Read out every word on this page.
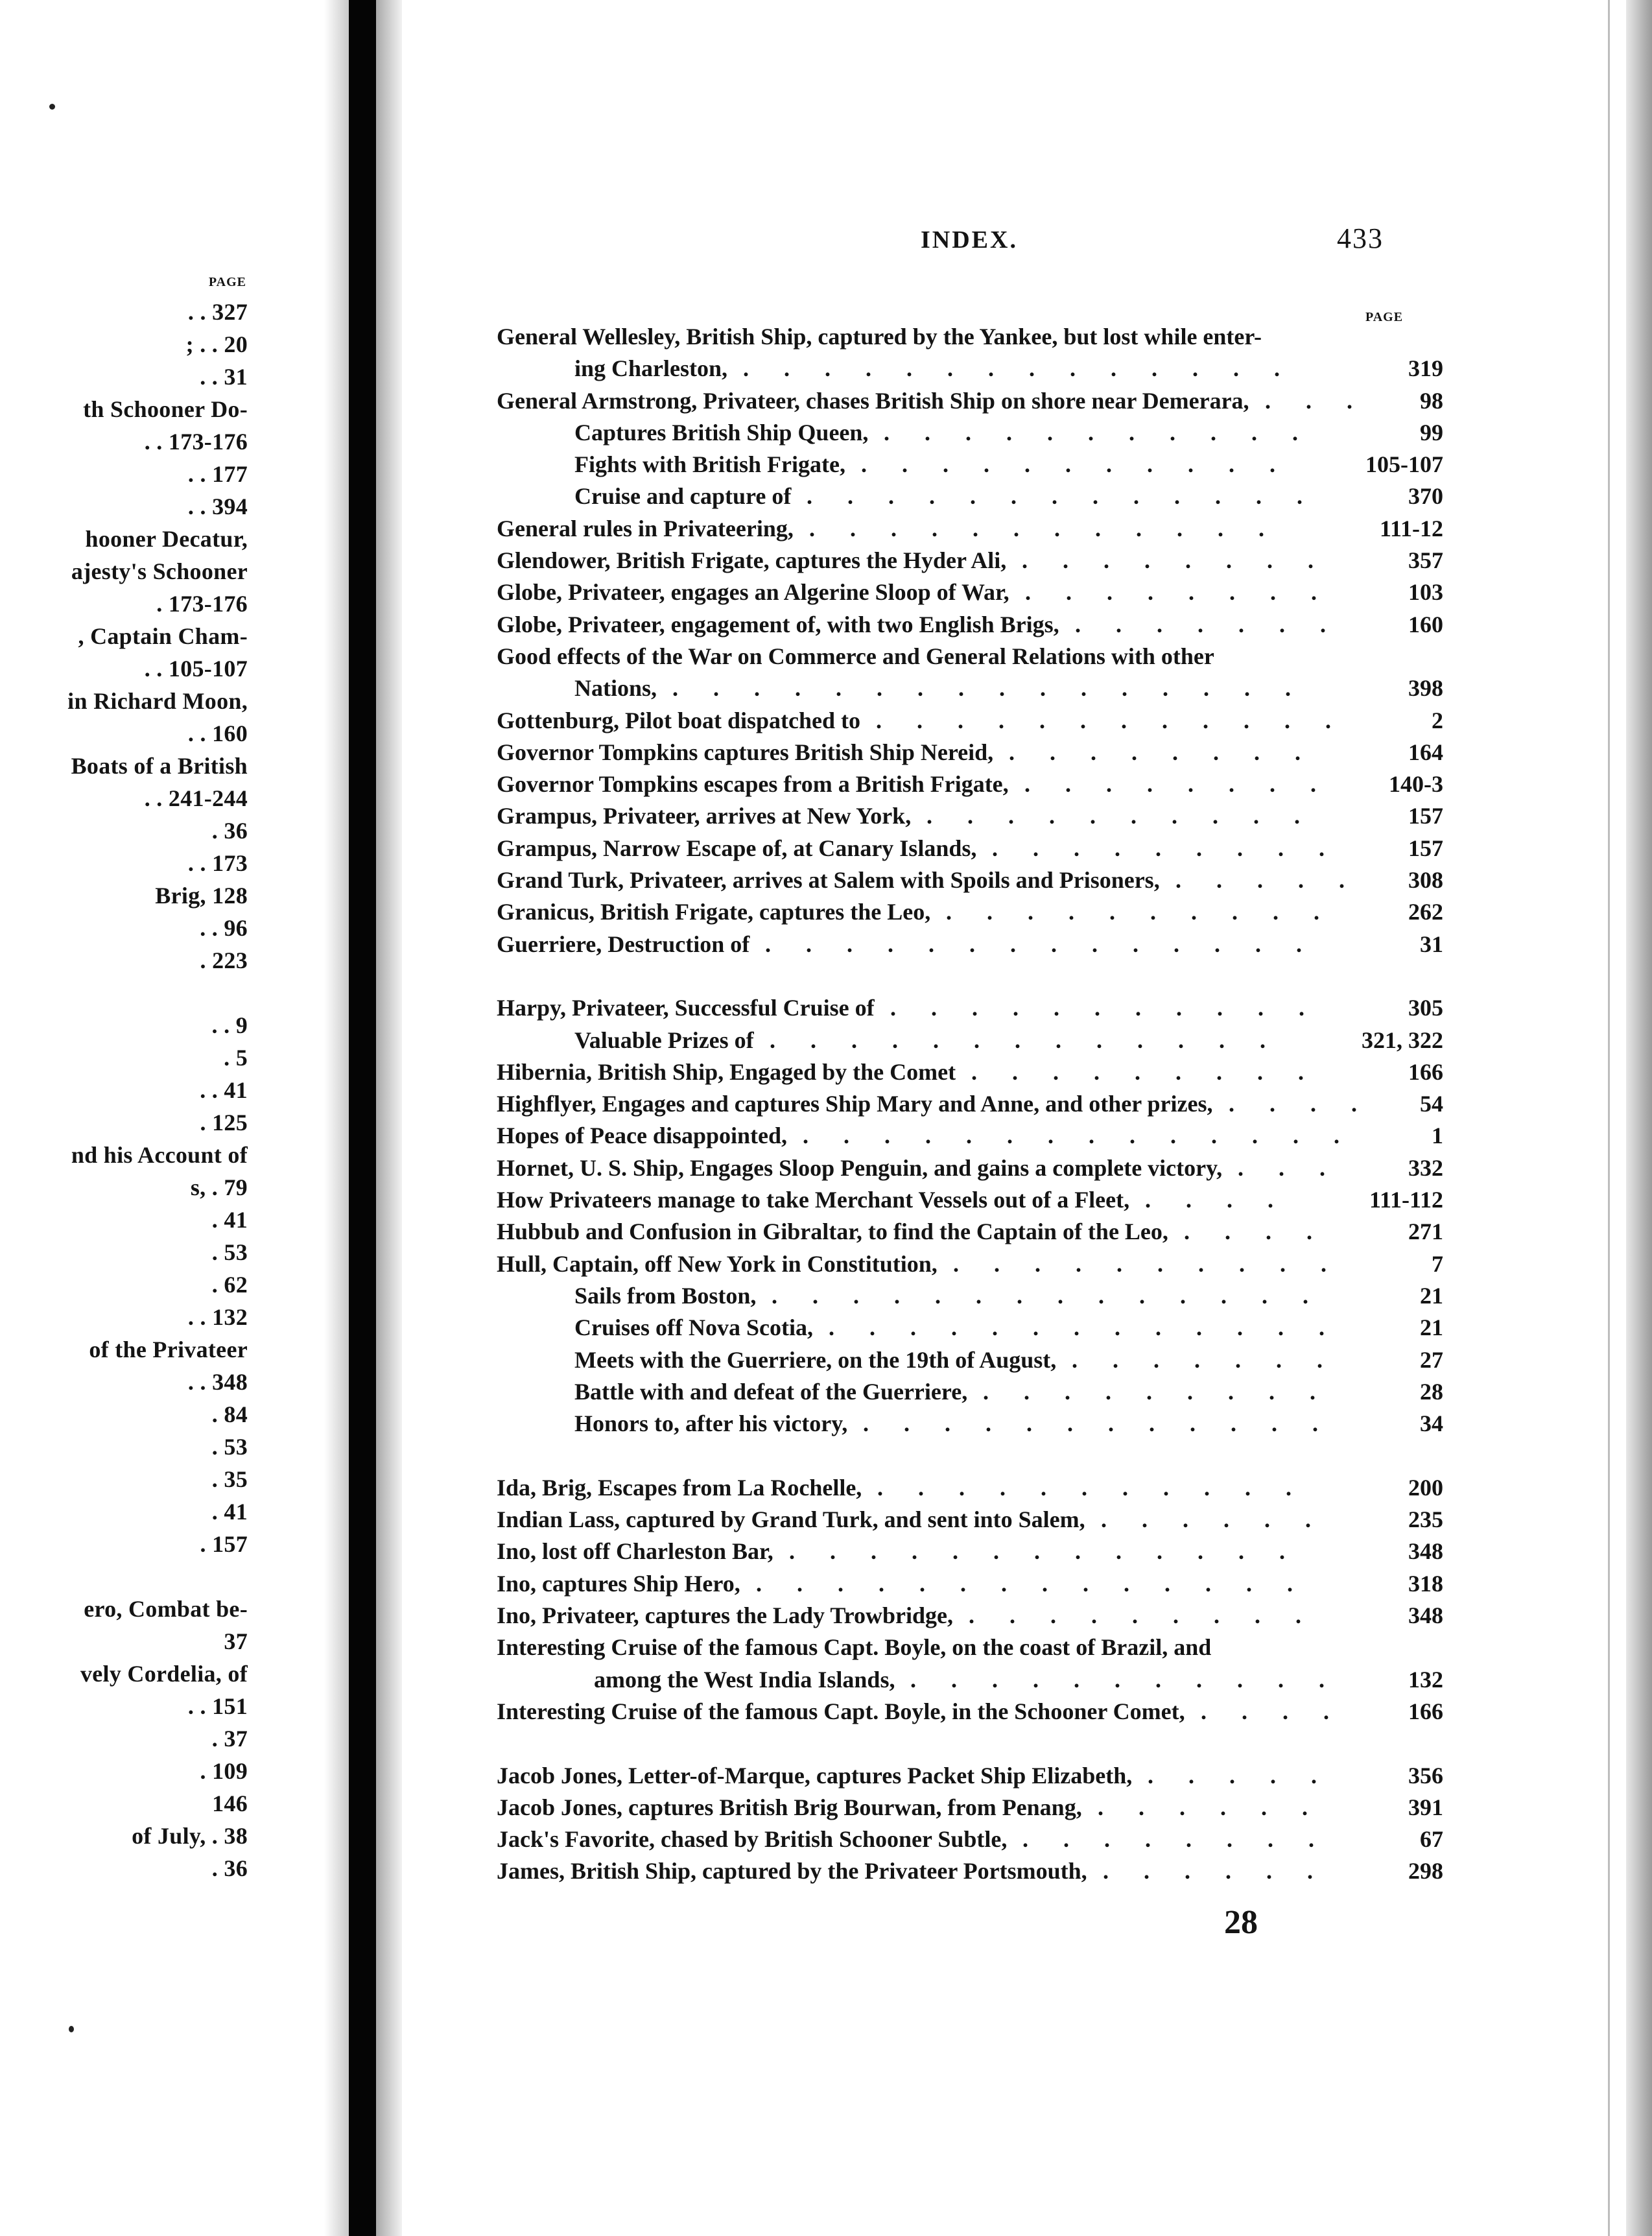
PAGE
. . 327
; . . 20
. . 31
th Schooner Do-
. . 173-176
. . 177
. . 394
hooner Decatur,
ajesty's Schooner
. 173-176
, Captain Cham-
. . 105-107
in Richard Moon,
. . 160
Boats of a British
. . 241-244
. 36
. . 173
Brig, 128
. . 96
. 223
. . 9
. 5
. . 41
. 125
nd his Account of
s, . 79
. 41
. 53
. 62
. . 132
of the Privateer
. . 348
. 84
. 53
. 35
. 41
. 157
ero, Combat be-
37
vely Cordelia, of
. . 151
. 37
. 109
146
of July, . 38
. 36
INDEX.	433
PAGE
General Wellesley, British Ship, captured by the Yankee, but lost while enter-
ing Charleston,	319
.  .  .  .  .  .  .  .  .  .  .  .  .  .  
General Armstrong, Privateer, chases British Ship on shore near Demerara,	98
.  .  .  
Captures British Ship Queen,	99
.  .  .  .  .  .  .  .  .  .  .  
Fights with British Frigate,	105-107
.  .  .  .  .  .  .  .  .  .  .  
Cruise and capture of	370
.  .  .  .  .  .  .  .  .  .  .  .  .  
General rules in Privateering,	111-12
.  .  .  .  .  .  .  .  .  .  .  .  
Glendower, British Frigate, captures the Hyder Ali,	357
.  .  .  .  .  .  .  .  
Globe, Privateer, engages an Algerine Sloop of War,	103
.  .  .  .  .  .  .  .  
Globe, Privateer, engagement of, with two English Brigs,	160
.  .  .  .  .  .  .  
Good effects of the War on Commerce and General Relations with other
Nations,	398
.  .  .  .  .  .  .  .  .  .  .  .  .  .  .  .  
Gottenburg, Pilot boat dispatched to	2
.  .  .  .  .  .  .  .  .  .  .  .  
Governor Tompkins captures British Ship Nereid,	164
.  .  .  .  .  .  .  .  
Governor Tompkins escapes from a British Frigate,	140-3
.  .  .  .  .  .  .  .  
Grampus, Privateer, arrives at New York,	157
.  .  .  .  .  .  .  .  .  .  
Grampus, Narrow Escape of, at Canary Islands,	157
.  .  .  .  .  .  .  .  .  
Grand Turk, Privateer, arrives at Salem with Spoils and Prisoners,	308
.  .  .  .  .  
Granicus, British Frigate, captures the Leo,	262
.  .  .  .  .  .  .  .  .  .  
Guerriere, Destruction of	31
.  .  .  .  .  .  .  .  .  .  .  .  .  .  
Harpy, Privateer, Successful Cruise of	305
.  .  .  .  .  .  .  .  .  .  .  
Valuable Prizes of	321, 322
.  .  .  .  .  .  .  .  .  .  .  .  .  
Hibernia, British Ship, Engaged by the Comet	166
.  .  .  .  .  .  .  .  .  
Highflyer, Engages and captures Ship Mary and Anne, and other prizes,	54
.  .  .  .  
Hopes of Peace disappointed,	1
.  .  .  .  .  .  .  .  .  .  .  .  .  .  
Hornet, U. S. Ship, Engages Sloop Penguin, and gains a complete victory,	332
.  .  .  
How Privateers manage to take Merchant Vessels out of a Fleet,	111-112
.  .  .  .  
Hubbub and Confusion in Gibraltar, to find the Captain of the Leo,	271
.  .  .  .  
Hull, Captain, off New York in Constitution,	7
.  .  .  .  .  .  .  .  .  .  
Sails from Boston,	21
.  .  .  .  .  .  .  .  .  .  .  .  .  .  
Cruises off Nova Scotia,	21
.  .  .  .  .  .  .  .  .  .  .  .  .  
Meets with the Guerriere, on the 19th of August,	27
.  .  .  .  .  .  .  
Battle with and defeat of the Guerriere,	28
.  .  .  .  .  .  .  .  .  
Honors to, after his victory,	34
.  .  .  .  .  .  .  .  .  .  .  .  
Ida, Brig, Escapes from La Rochelle,	200
.  .  .  .  .  .  .  .  .  .  .  
Indian Lass, captured by Grand Turk, and sent into Salem,	235
.  .  .  .  .  .  
Ino, lost off Charleston Bar,	348
.  .  .  .  .  .  .  .  .  .  .  .  .  
Ino, captures Ship Hero,	318
.  .  .  .  .  .  .  .  .  .  .  .  .  .  
Ino, Privateer, captures the Lady Trowbridge,	348
.  .  .  .  .  .  .  .  .  
Interesting Cruise of the famous Capt. Boyle, on the coast of Brazil, and
among the West India Islands,	132
.  .  .  .  .  .  .  .  .  .  .  
Interesting Cruise of the famous Capt. Boyle, in the Schooner Comet,	166
.  .  .  .  
Jacob Jones, Letter-of-Marque, captures Packet Ship Elizabeth,	356
.  .  .  .  .  
Jacob Jones, captures British Brig Bourwan, from Penang,	391
.  .  .  .  .  .  
Jack's Favorite, chased by British Schooner Subtle,	67
.  .  .  .  .  .  .  .  
James, British Ship, captured by the Privateer Portsmouth,	298
.  .  .  .  .  .  
28
